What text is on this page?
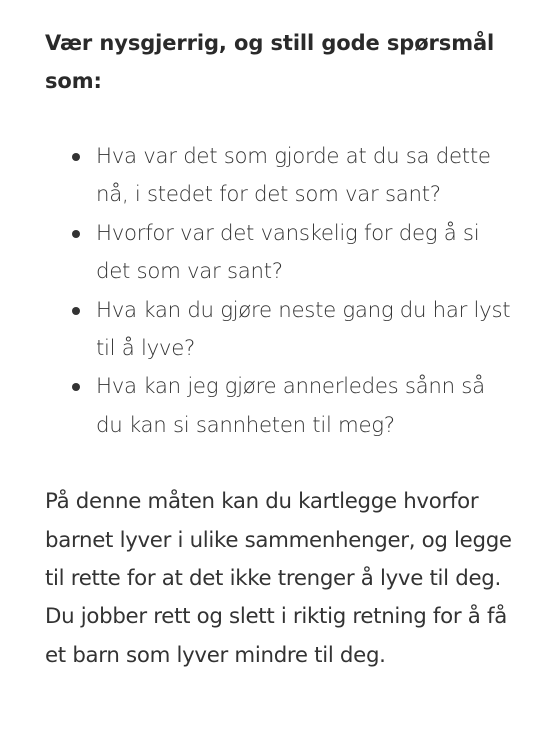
Vær nysgjerrig, og still gode spørsmål som:

Hva var det som gjorde at du sa dette nå, i stedet for det som var sant?
Hvorfor var det vanskelig for deg å si det som var sant?
Hva kan du gjøre neste gang du har lyst til å lyve?
Hva kan jeg gjøre annerledes sånn så du kan si sannheten til meg?

På denne måten kan du kartlegge hvorfor barnet lyver i ulike sammenhenger, og legge til rette for at det ikke trenger å lyve til deg. Du jobber rett og slett i riktig retning for å få et barn som lyver mindre til deg.
